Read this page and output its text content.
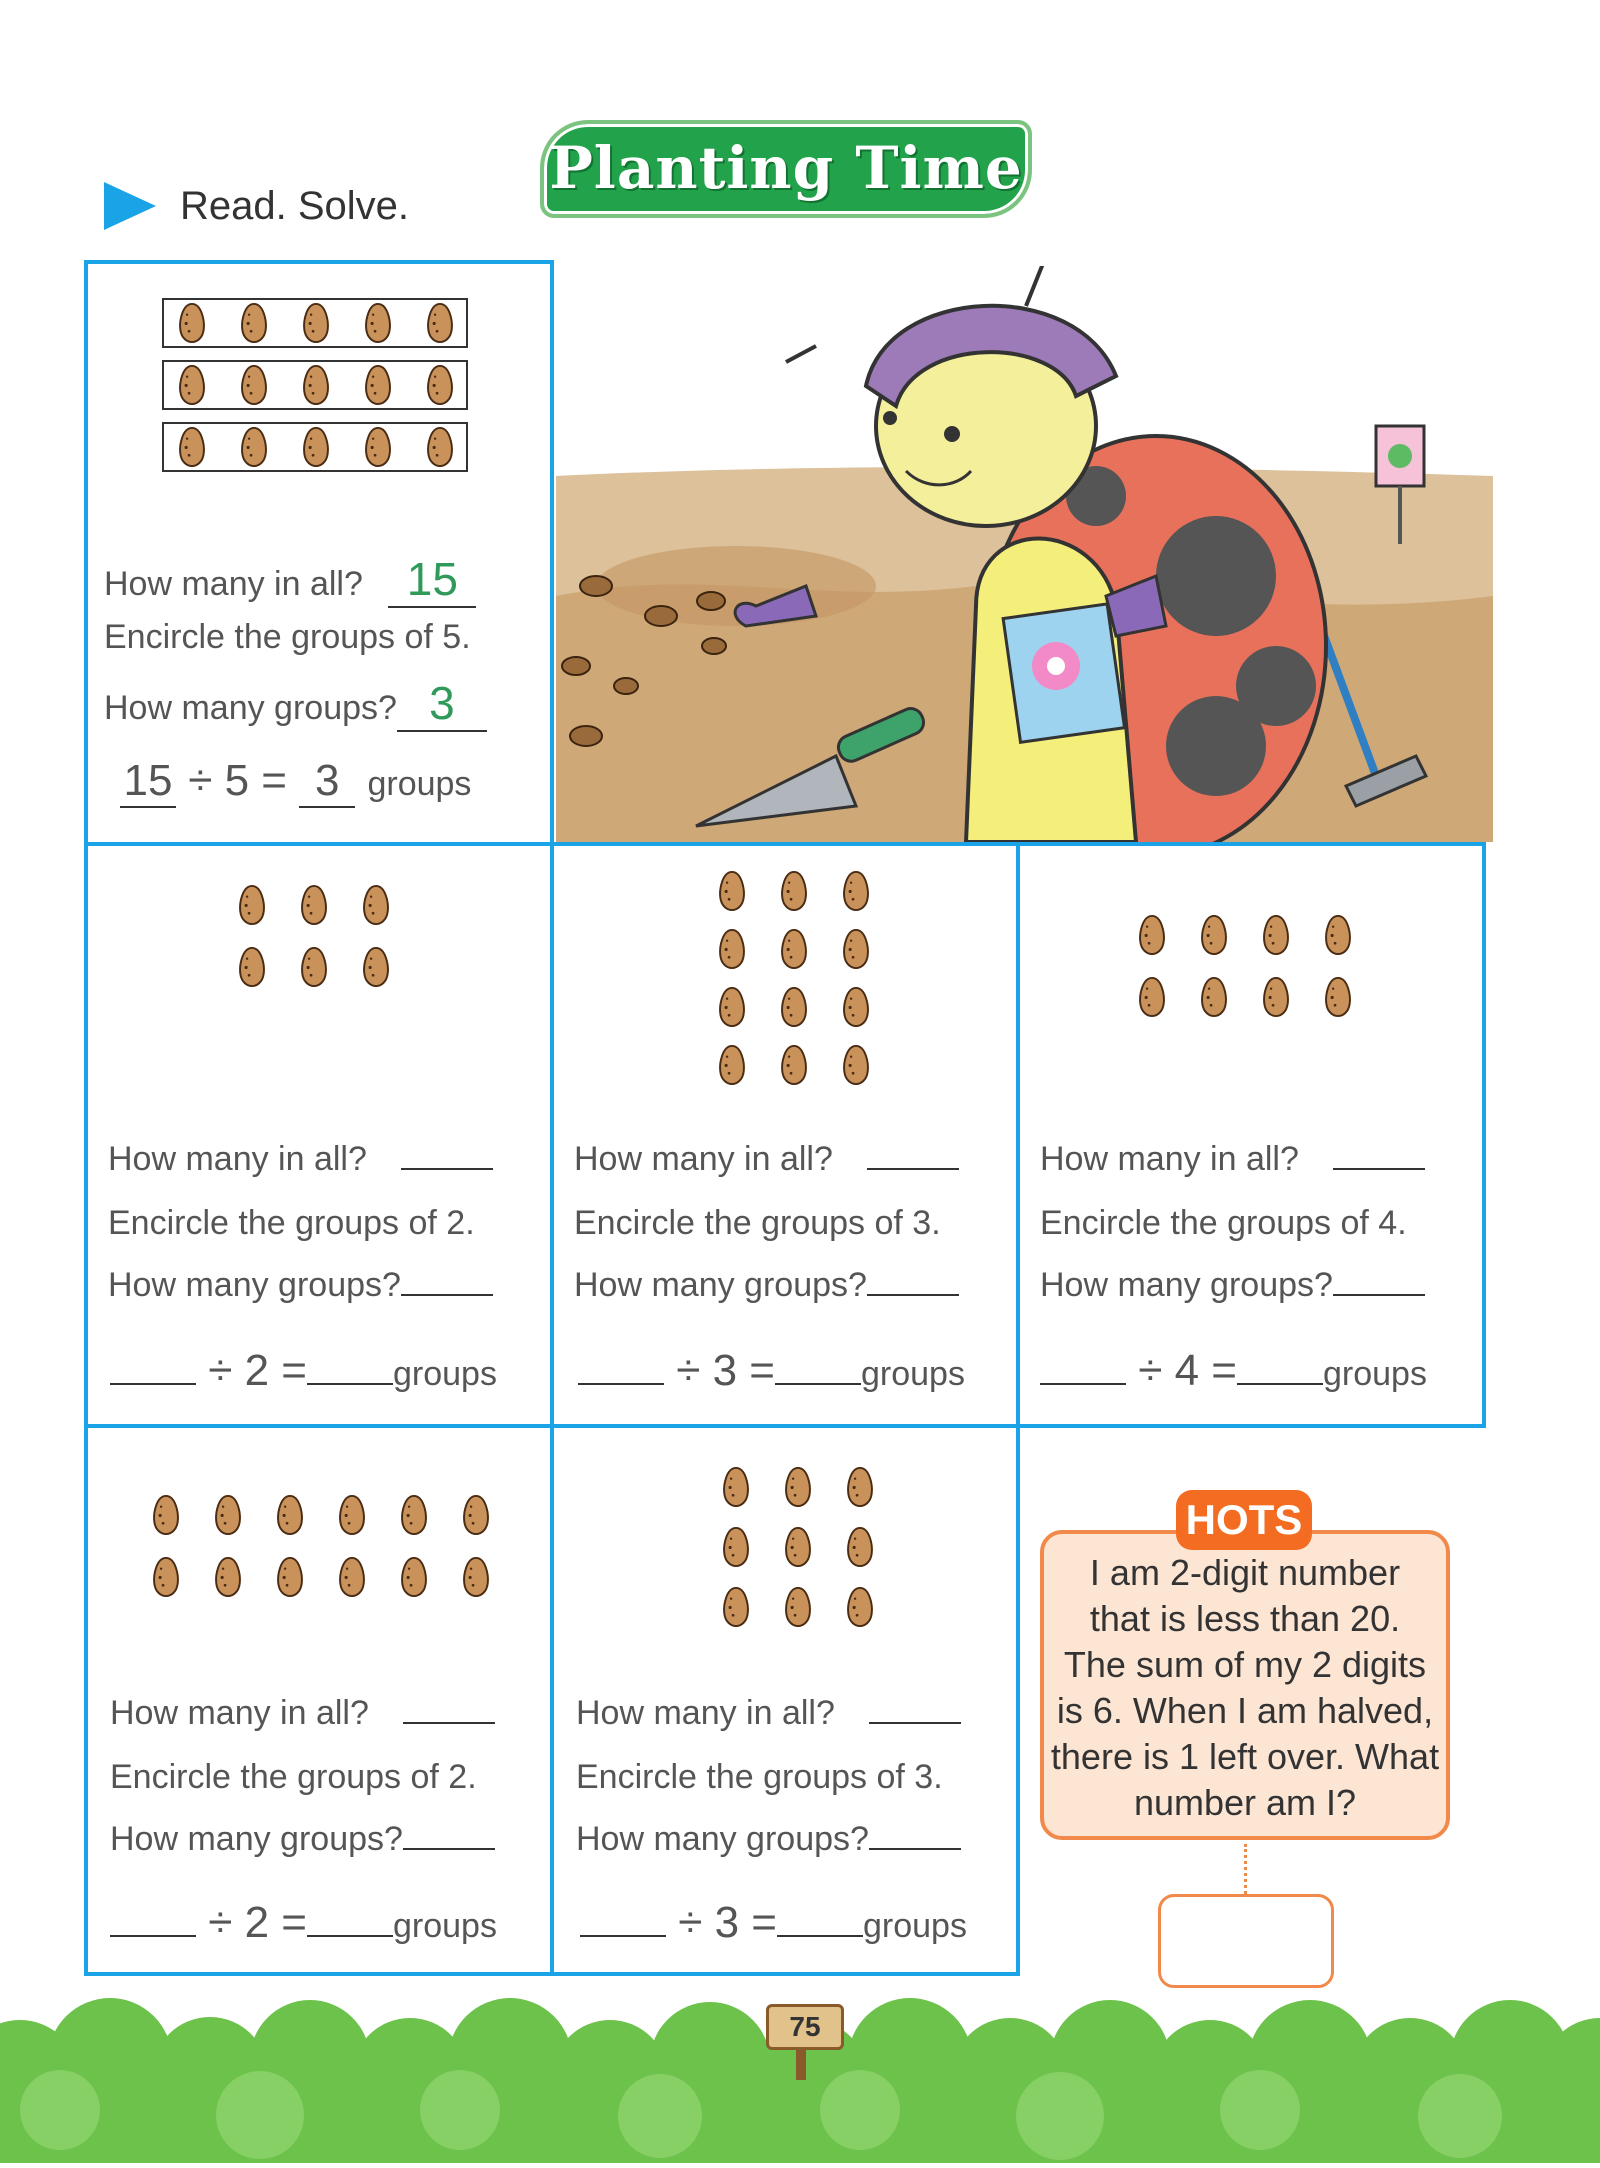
Planting Time
Read. Solve.
How many in all? 15
Encircle the groups of 5.
How many groups? 3
15 ÷ 5 = 3 groups
How many in all?
Encircle the groups of 2.
How many groups?
÷ 2 =	groups
How many in all?
Encircle the groups of 3.
How many groups?
÷ 3 =	groups
How many in all?
Encircle the groups of 4.
How many groups?
÷ 4 =	groups
How many in all?
Encircle the groups of 2.
How many groups?
÷ 2 =	groups
How many in all?
Encircle the groups of 3.
How many groups?
÷ 3 =	groups
HOTS
I am 2-digit number
that is less than 20.
The sum of my 2 digits
is 6. When I am halved,
there is 1 left over. What
number am I?
75
